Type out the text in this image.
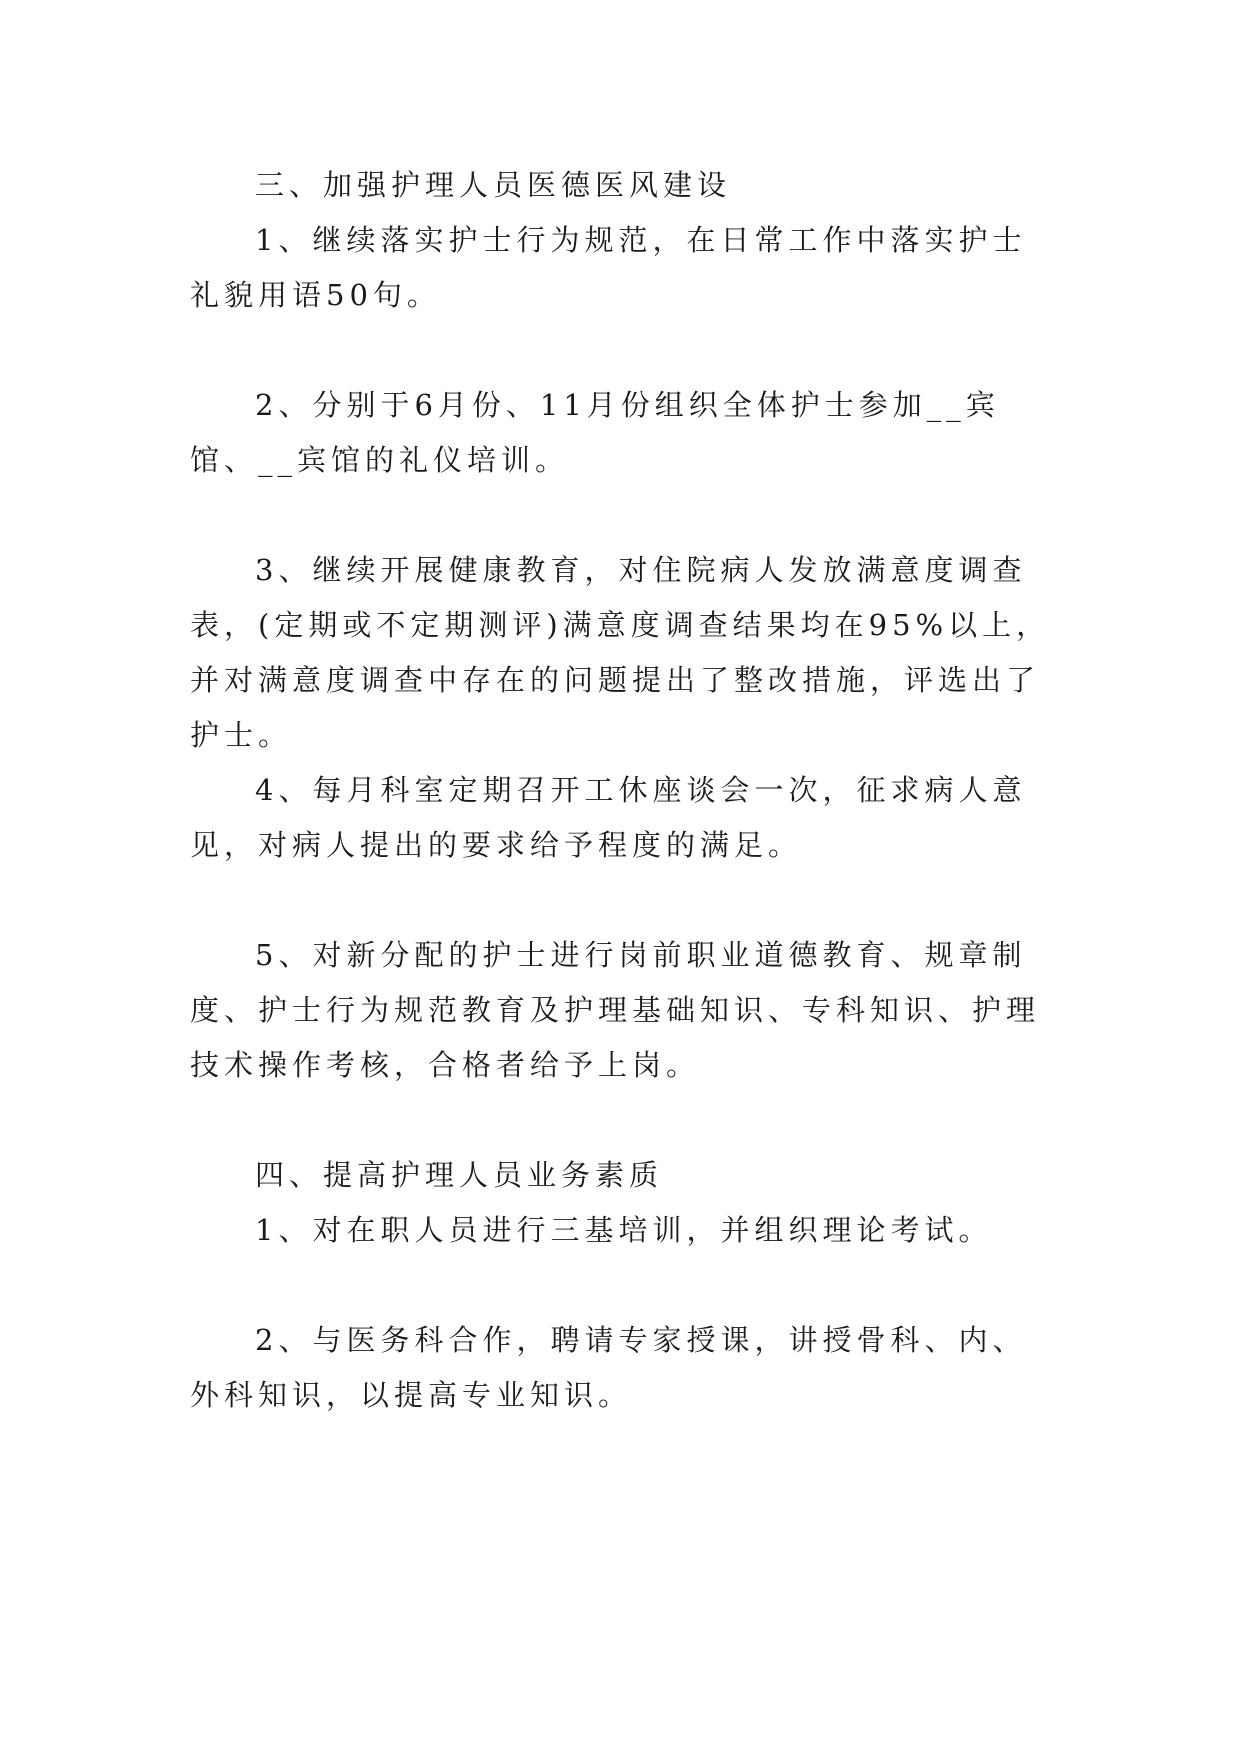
三、加强护理人员医德医风建设

1、继续落实护士行为规范，在日常工作中落实护士礼貌用语50句。

2、分别于6月份、11月份组织全体护士参加__宾馆、__宾馆的礼仪培训。

3、继续开展健康教育，对住院病人发放满意度调查表，(定期或不定期测评)满意度调查结果均在95%以上，并对满意度调查中存在的问题提出了整改措施，评选出了护士。

4、每月科室定期召开工休座谈会一次，征求病人意见，对病人提出的要求给予程度的满足。

5、对新分配的护士进行岗前职业道德教育、规章制度、护士行为规范教育及护理基础知识、专科知识、护理技术操作考核，合格者给予上岗。

四、提高护理人员业务素质

1、对在职人员进行三基培训，并组织理论考试。

2、与医务科合作，聘请专家授课，讲授骨科、内、外科知识，以提高专业知识。
